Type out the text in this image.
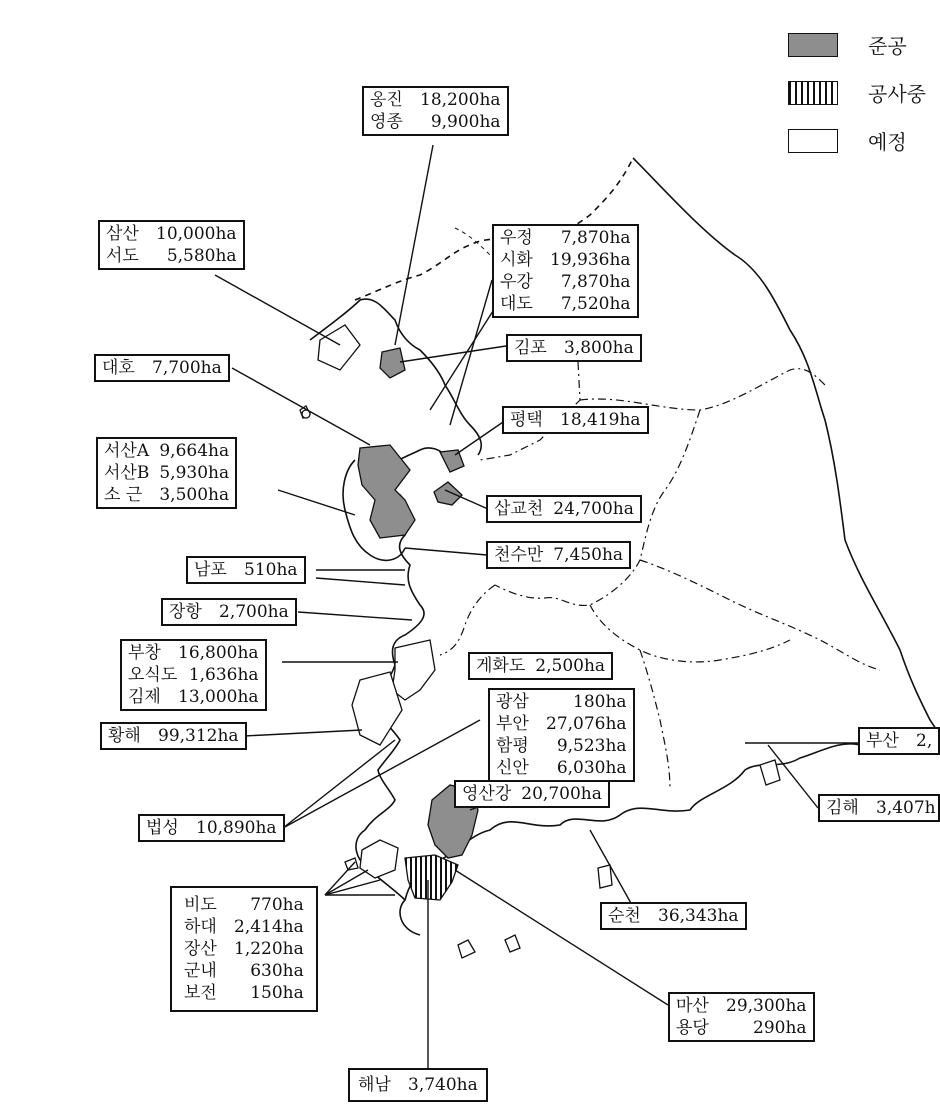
준공
공사중
예정
옹진	18,200ha
영종	9,900ha
삼산	10,000ha
서도	5,580ha
우정	7,870ha
시화	19,936ha
우강	7,870ha
대도	7,520ha
김포	3,800ha
대호	7,700ha
평택	18,419ha
서산A 9,664ha
서산B 5,930ha
소 근 3,500ha
삽교천 24,700ha
천수만 7,450ha
남포	510ha
장항	2,700ha
부창	16,800ha
오식도 1,636ha
김제	13,000ha
게화도 2,500ha
광삼	180ha
부안	27,076ha
함평	9,523ha
신안	6,030ha
황해	99,312ha	부산	2,
영산강 20,700ha
김해	3,407h
법성	10,890ha
비도	770ha
하대	2,414ha
장산	1,220ha
군내	630ha
보전	150ha
순천	36,343ha
마산	29,300ha
용당	290ha
해남	3,740ha
